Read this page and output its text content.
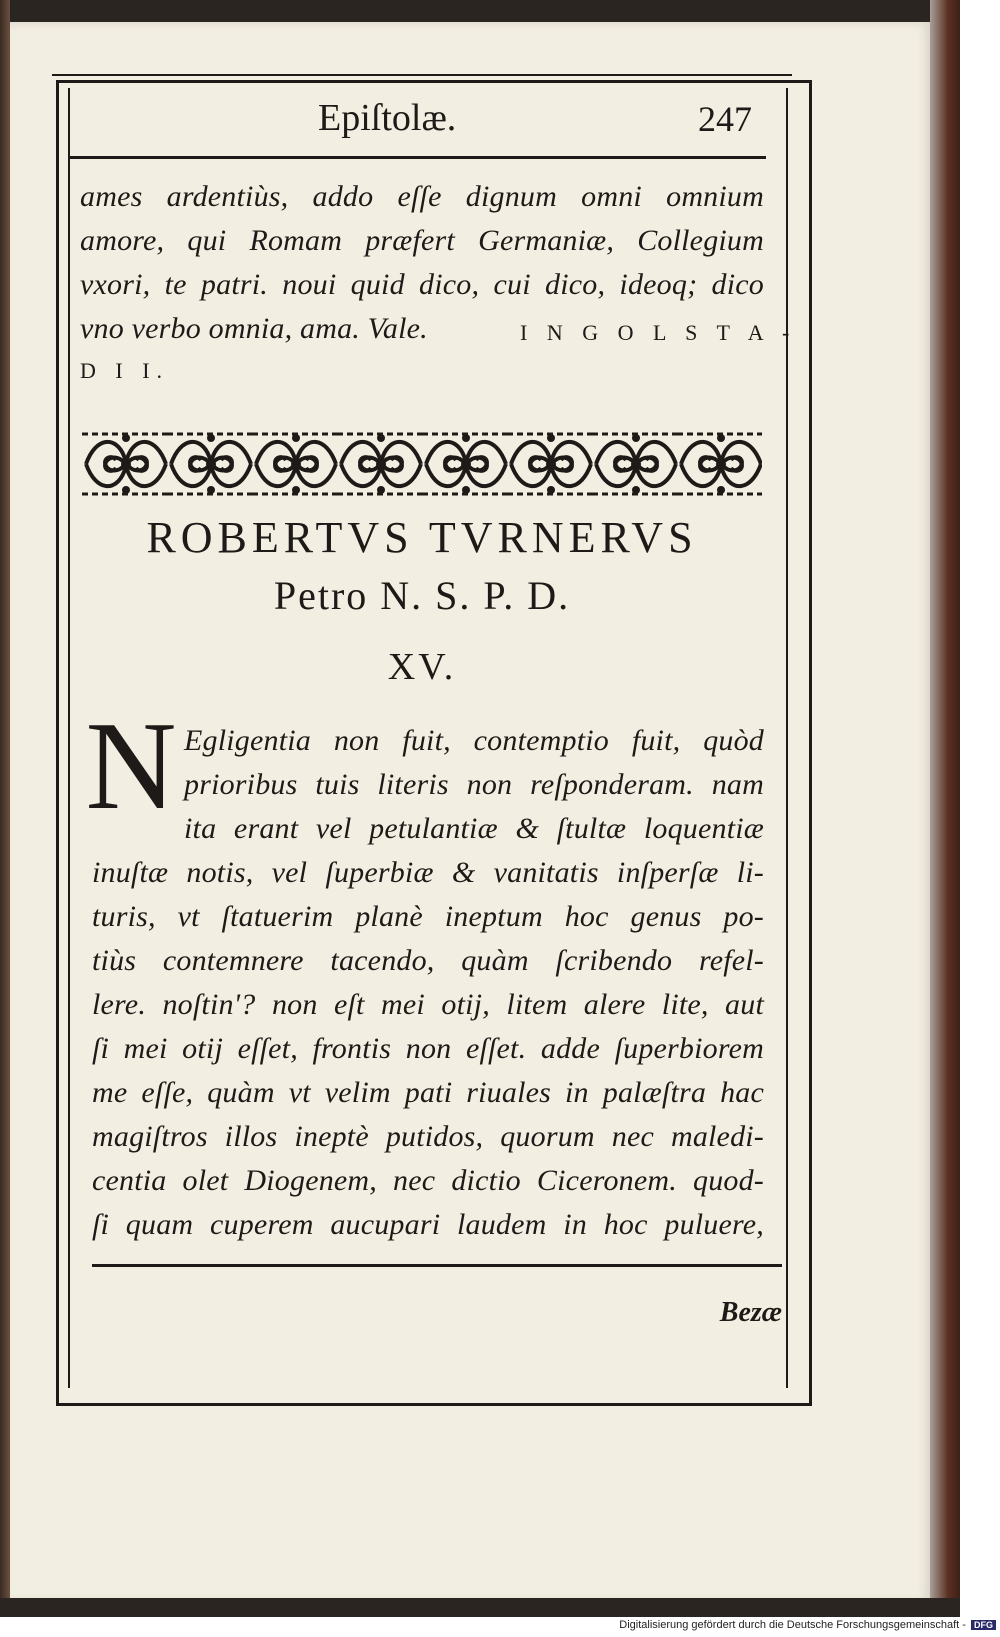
Epiſtolæ.	247
ames ardentiùs, addo eſſe dignum omni omnium
amore, qui Romam præfert Germaniæ, Collegium
vxori, te patri. noui quid dico, cui dico, ideoq; dico
vno verbo omnia, ama. Vale.	I N G O L S T A -
D I I.
ROBERTVS TVRNERVS
Petro N. S. P. D.
XV.
N Egligentia non fuit, contemptio fuit, quòd
prioribus tuis literis non reſponderam. nam
ita erant vel petulantiæ & ſtultæ loquentiæ
inuſtæ notis, vel ſuperbiæ & vanitatis inſperſæ li-
turis, vt ſtatuerim planè ineptum hoc genus po-
tiùs contemnere tacendo, quàm ſcribendo refel-
lere. noſtin'? non eſt mei otij, litem alere lite, aut
ſi mei otij eſſet, frontis non eſſet. adde ſuperbiorem
me eſſe, quàm vt velim pati riuales in palæſtra hac
magiſtros illos ineptè putidos, quorum nec maledi-
centia olet Diogenem, nec dictio Ciceronem. quod-
ſi quam cuperem aucupari laudem in hoc puluere,
Bezæ
Digitalisierung gefördert durch die Deutsche Forschungsgemeinschaft - DFG
